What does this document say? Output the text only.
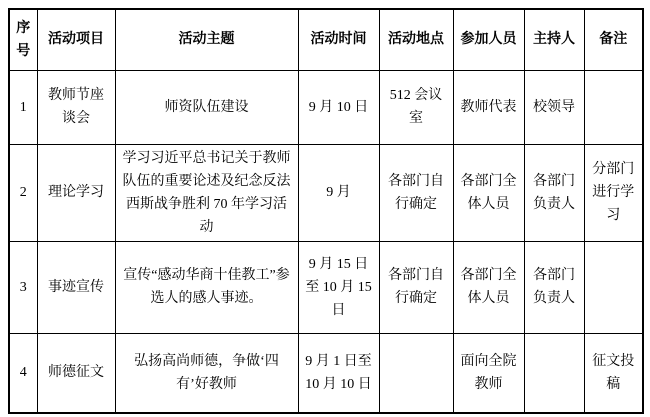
序号	活动项目	活动主题	活动时间	活动地点	参加人员	主持人	备注
1	教师节座谈会	师资队伍建设	9 月 10 日	512 会议室	教师代表	校领导	
2	理论学习	学习习近平总书记关于教师队伍的重要论述及纪念反法西斯战争胜利 70 年学习活动	9 月	各部门自行确定	各部门全体人员	各部门负责人	分部门进行学习
3	事迹宣传	宣传“感动华商十佳教工”参选人的感人事迹。	9 月 15 日至 10 月 15 日	各部门自行确定	各部门全体人员	各部门负责人	
4	师德征文	弘扬高尚师德，争做‘四有’好教师	9 月 1 日至 10 月 10 日		面向全院教师		征文投稿
